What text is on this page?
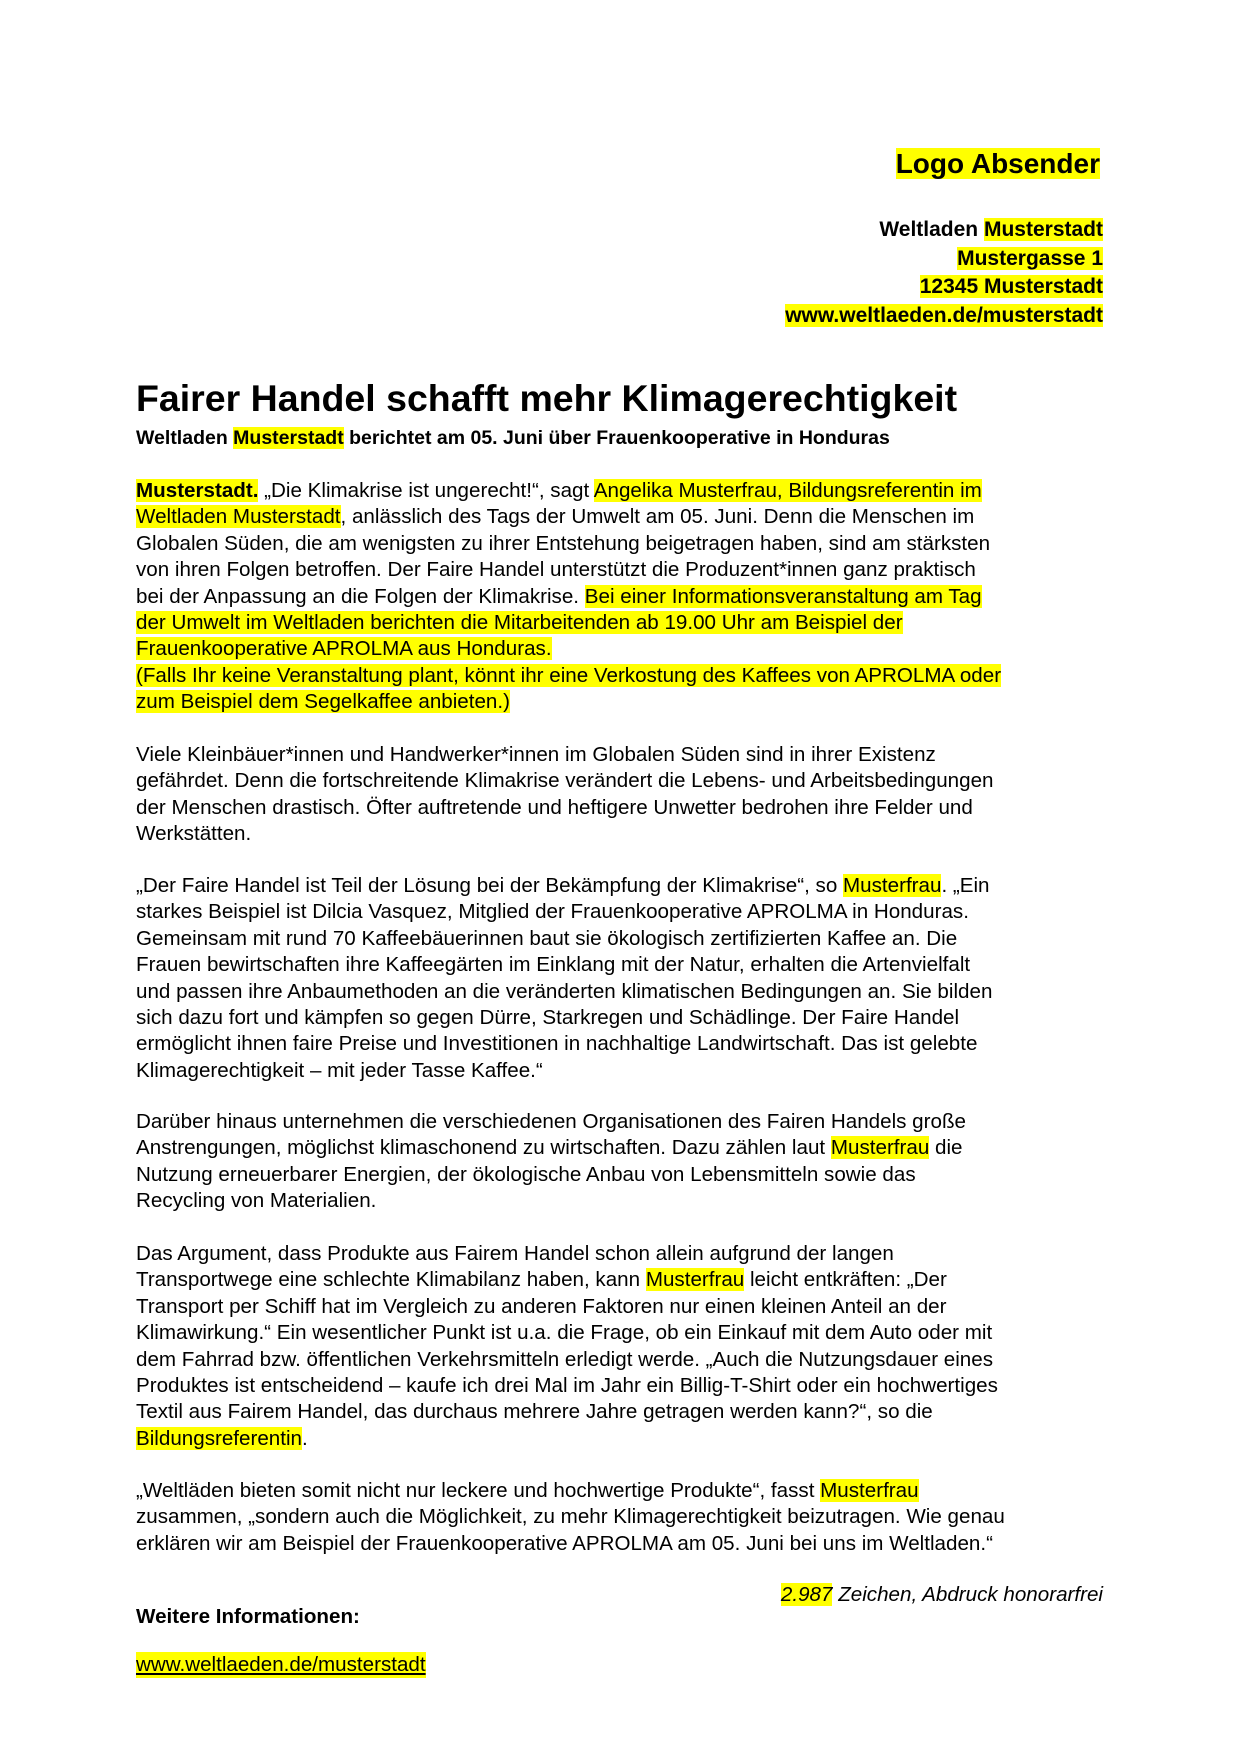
Logo Absender
Weltladen Musterstadt
Mustergasse 1
12345 Musterstadt
www.weltlaeden.de/musterstadt
Fairer Handel schafft mehr Klimagerechtigkeit
Weltladen Musterstadt berichtet am 05. Juni über Frauenkooperative in Honduras

Musterstadt. „Die Klimakrise ist ungerecht!“, sagt Angelika Musterfrau, Bildungsreferentin im
Weltladen Musterstadt, anlässlich des Tags der Umwelt am 05. Juni. Denn die Menschen im
Globalen Süden, die am wenigsten zu ihrer Entstehung beigetragen haben, sind am stärksten
von ihren Folgen betroffen. Der Faire Handel unterstützt die Produzent*innen ganz praktisch
bei der Anpassung an die Folgen der Klimakrise. Bei einer Informationsveranstaltung am Tag
der Umwelt im Weltladen berichten die Mitarbeitenden ab 19.00 Uhr am Beispiel der
Frauenkooperative APROLMA aus Honduras.
(Falls Ihr keine Veranstaltung plant, könnt ihr eine Verkostung des Kaffees von APROLMA oder
zum Beispiel dem Segelkaffee anbieten.)

Viele Kleinbäuer*innen und Handwerker*innen im Globalen Süden sind in ihrer Existenz
gefährdet. Denn die fortschreitende Klimakrise verändert die Lebens- und Arbeitsbedingungen
der Menschen drastisch. Öfter auftretende und heftigere Unwetter bedrohen ihre Felder und
Werkstätten.

„Der Faire Handel ist Teil der Lösung bei der Bekämpfung der Klimakrise“, so Musterfrau. „Ein
starkes Beispiel ist Dilcia Vasquez, Mitglied der Frauenkooperative APROLMA in Honduras.
Gemeinsam mit rund 70 Kaffeebäuerinnen baut sie ökologisch zertifizierten Kaffee an. Die
Frauen bewirtschaften ihre Kaffeegärten im Einklang mit der Natur, erhalten die Artenvielfalt
und passen ihre Anbaumethoden an die veränderten klimatischen Bedingungen an. Sie bilden
sich dazu fort und kämpfen so gegen Dürre, Starkregen und Schädlinge. Der Faire Handel
ermöglicht ihnen faire Preise und Investitionen in nachhaltige Landwirtschaft. Das ist gelebte
Klimagerechtigkeit – mit jeder Tasse Kaffee.“

Darüber hinaus unternehmen die verschiedenen Organisationen des Fairen Handels große
Anstrengungen, möglichst klimaschonend zu wirtschaften. Dazu zählen laut Musterfrau die
Nutzung erneuerbarer Energien, der ökologische Anbau von Lebensmitteln sowie das
Recycling von Materialien.

Das Argument, dass Produkte aus Fairem Handel schon allein aufgrund der langen
Transportwege eine schlechte Klimabilanz haben, kann Musterfrau leicht entkräften: „Der
Transport per Schiff hat im Vergleich zu anderen Faktoren nur einen kleinen Anteil an der
Klimawirkung.“ Ein wesentlicher Punkt ist u.a. die Frage, ob ein Einkauf mit dem Auto oder mit
dem Fahrrad bzw. öffentlichen Verkehrsmitteln erledigt werde. „Auch die Nutzungsdauer eines
Produktes ist entscheidend – kaufe ich drei Mal im Jahr ein Billig-T-Shirt oder ein hochwertiges
Textil aus Fairem Handel, das durchaus mehrere Jahre getragen werden kann?“, so die
Bildungsreferentin.

„Weltläden bieten somit nicht nur leckere und hochwertige Produkte“, fasst Musterfrau
zusammen, „sondern auch die Möglichkeit, zu mehr Klimagerechtigkeit beizutragen. Wie genau
erklären wir am Beispiel der Frauenkooperative APROLMA am 05. Juni bei uns im Weltladen.“

2.987 Zeichen, Abdruck honorarfrei
Weitere Informationen:
www.weltlaeden.de/musterstadt
